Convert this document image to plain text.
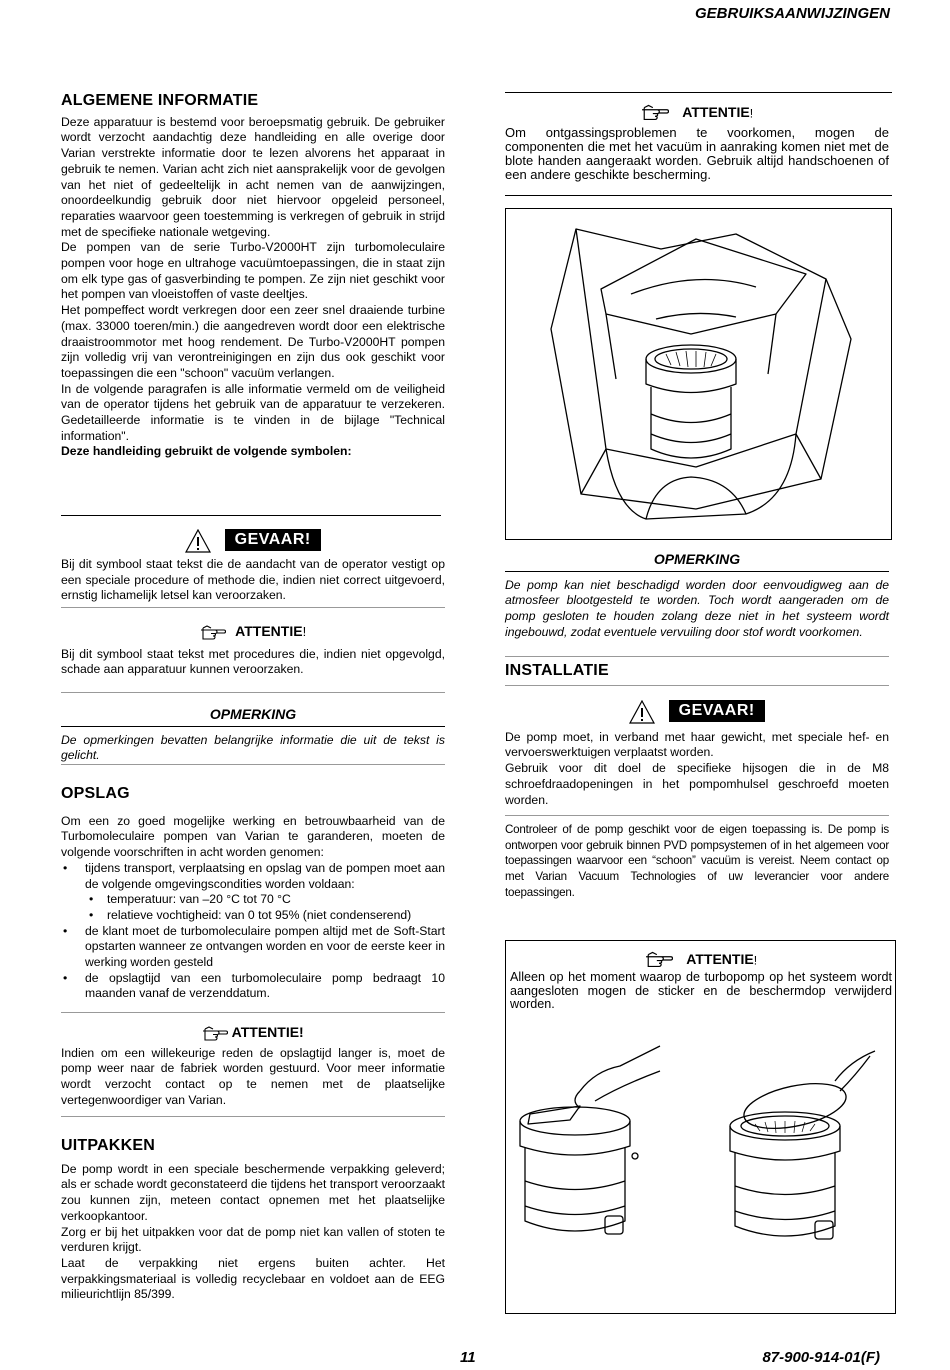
GEBRUIKSAANWIJZINGEN
ALGEMENE INFORMATIE

Deze apparatuur is bestemd voor beroepsmatig gebruik. De gebruiker wordt verzocht aandachtig deze handleiding en alle overige door Varian verstrekte informatie door te lezen alvorens het apparaat in gebruik te nemen. Varian acht zich niet aansprakelijk voor de gevolgen van het niet of gedeeltelijk in acht nemen van de aanwijzingen, onoordeelkundig gebruik door niet hiervoor opgeleid personeel, reparaties waarvoor geen toestemming is verkregen of gebruik in strijd met de specifieke nationale wetgeving.

De pompen van de serie Turbo-V2000HT zijn turbomoleculaire pompen voor hoge en ultrahoge vacuümtoepassingen, die in staat zijn om elk type gas of gasverbinding te pompen. Ze zijn niet geschikt voor het pompen van vloeistoffen of vaste deeltjes.

Het pompeffect wordt verkregen door een zeer snel draaiende turbine (max. 33000 toeren/min.) die aangedreven wordt door een elektrische draaistroommotor met hoog rendement. De Turbo-V2000HT pompen zijn volledig vrij van verontreinigingen en zijn dus ook geschikt voor toepassingen die een "schoon" vacuüm verlangen.

In de volgende paragrafen is alle informatie vermeld om de veiligheid van de operator tijdens het gebruik van de apparatuur te verzekeren. Gedetailleerde informatie is te vinden in de bijlage "Technical information".

Deze handleiding gebruikt de volgende symbolen:

GEVAAR!

Bij dit symbool staat tekst die de aandacht van de operator vestigt op een speciale procedure of methode die, indien niet correct uitgevoerd, ernstig lichamelijk letsel kan veroorzaken.

ATTENTIE!

Bij dit symbool staat tekst met procedures die, indien niet opgevolgd, schade aan apparatuur kunnen veroorzaken.

OPMERKING

De opmerkingen bevatten belangrijke informatie die uit de tekst is gelicht.

OPSLAG

Om een zo goed mogelijke werking en betrouwbaarheid van de Turbomoleculaire pompen van Varian te garanderen, moeten de volgende voorschriften in acht worden genomen:

• tijdens transport, verplaatsing en opslag van de pompen moet aan de volgende omgevingscondities worden voldaan:
• temperatuur: van –20 °C tot 70 °C
• relatieve vochtigheid: van 0 tot 95% (niet condenserend)
• de klant moet de turbomoleculaire pompen altijd met de Soft-Start opstarten wanneer ze ontvangen worden en voor de eerste keer in werking worden gesteld
• de opslagtijd van een turbomoleculaire pomp bedraagt 10 maanden vanaf de verzenddatum.
ATTENTIE!

Indien om een willekeurige reden de opslagtijd langer is, moet de pomp weer naar de fabriek worden gestuurd. Voor meer informatie wordt verzocht contact op te nemen met de plaatselijke vertegenwoordiger van Varian.

UITPAKKEN

De pomp wordt in een speciale beschermende verpakking geleverd; als er schade wordt geconstateerd die tijdens het transport veroorzaakt zou kunnen zijn, meteen contact opnemen met het plaatselijke verkoopkantoor.

Zorg er bij het uitpakken voor dat de pomp niet kan vallen of stoten te verduren krijgt.

Laat de verpakking niet ergens buiten achter. Het verpakkingsmateriaal is volledig recyclebaar en voldoet aan de EEG milieurichtlijn 85/399.

ATTENTIE!

Om ontgassingsproblemen te voorkomen, mogen de componenten die met het vacuüm in aanraking komen niet met de blote handen aangeraakt worden. Gebruik altijd handschoenen of een andere geschikte bescherming.

OPMERKING

De pomp kan niet beschadigd worden door eenvoudigweg aan de atmosfeer blootgesteld te worden. Toch wordt aangeraden om de pomp gesloten te houden zolang deze niet in het systeem wordt ingebouwd, zodat eventuele vervuiling door stof wordt voorkomen.

INSTALLATIE
GEVAAR!

De pomp moet, in verband met haar gewicht, met speciale hef- en vervoerswerktuigen verplaatst worden.

Gebruik voor dit doel de specifieke hijsogen die in de M8 schroefdraadopeningen in het pompomhulsel geschroefd moeten worden.

Controleer of de pomp geschikt voor de eigen toepassing is. De pomp is ontworpen voor gebruik binnen PVD pompsystemen of in het algemeen voor toepassingen waarvoor een “schoon” vacuüm is vereist. Neem contact op met Varian Vacuum Technologies of uw leverancier voor andere toepassingen.

ATTENTIE!

Alleen op het moment waarop de turbopomp op het systeem wordt aangesloten mogen de sticker en de beschermdop verwijderd worden.

11	87-900-914-01(F)
